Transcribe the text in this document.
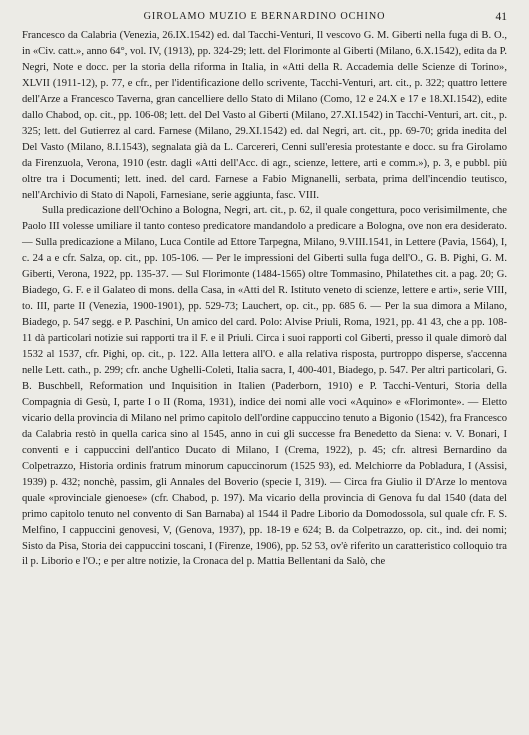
GIROLAMO MUZIO E BERNARDINO OCHINO	41

Francesco da Calabria (Venezia, 26.IX.1542) ed. dal Tacchi-Venturi, Il vescovo G. M. Giberti nella fuga di B. O., in «Civ. catt.», anno 64°, vol. IV, (1913), pp. 324-29; lett. del Florimonte al Giberti (Milano, 6.X.1542), edita da P. Negri, Note e docc. per la storia della riforma in Italia, in «Atti della R. Accademia delle Scienze di Torino», XLVII (1911-12), p. 77, e cfr., per l'identificazione dello scrivente, Tacchi-Venturi, art. cit., p. 322; quattro lettere dell'Arze a Francesco Taverna, gran cancelliere dello Stato di Milano (Como, 12 e 24.X e 17 e 18.XI.1542), edite dallo Chabod, op. cit., pp. 106-08; lett. del Del Vasto al Giberti (Milano, 27.XI.1542) in Tacchi-Venturi, art. cit., p. 325; lett. del Gutierrez al card. Farnese (Milano, 29.XI.1542) ed. dal Negri, art. cit., pp. 69-70; grida inedita del Del Vasto (Milano, 8.I.1543), segnalata già da L. Carcereri, Cenni sull'eresia protestante e docc. su fra Girolamo da Firenzuola, Verona, 1910 (estr. dagli «Atti dell'Acc. di agr., scienze, lettere, arti e comm.»), p. 3, e pubbl. più oltre tra i Documenti; lett. ined. del card. Farnese a Fabio Mignanelli, serbata, prima dell'incendio teutisco, nell'Archivio di Stato di Napoli, Farnesiane, serie aggiunta, fasc. VIII.

Sulla predicazione dell'Ochino a Bologna, Negri, art. cit., p. 62, il quale congettura, poco verisimilmente, che Paolo III volesse umiliare il tanto conteso predicatore mandandolo a predicare a Bologna, ove non era desiderato. — Sulla predicazione a Milano, Luca Contile ad Ettore Tarpegna, Milano, 9.VIII.1541, in Lettere (Pavia, 1564), I, c. 24 a e cfr. Salza, op. cit., pp. 105-106. — Per le impressioni del Giberti sulla fuga dell'O., G. B. Pighi, G. M. Giberti, Verona, 1922, pp. 135-37. — Sul Florimonte (1484-1565) oltre Tommasino, Philatethes cit. a pag. 20; G. Biadego, G. F. e il Galateo di mons. della Casa, in «Atti del R. Istituto veneto di scienze, lettere e arti», serie VIII, to. III, parte II (Venezia, 1900-1901), pp. 529-73; Lauchert, op. cit., pp. 685 6. — Per la sua dimora a Milano, Biadego, p. 547 segg. e P. Paschini, Un amico del card. Polo: Alvise Priuli, Roma, 1921, pp. 41 43, che a pp. 108-11 dà particolari notizie sui rapporti tra il F. e il Priuli. Circa i suoi rapporti col Giberti, presso il quale dimorò dal 1532 al 1537, cfr. Pighi, op. cit., p. 122. Alla lettera all'O. e alla relativa risposta, purtroppo disperse, s'accenna nelle Lett. cath., p. 299; cfr. anche Ughelli-Coleti, Italia sacra, I, 400-401, Biadego, p. 547. Per altri particolari, G. B. Buschbell, Reformation und Inquisition in Italien (Paderborn, 1910) e P. Tacchi-Venturi, Storia della Compagnia di Gesù, I, parte I o II (Roma, 1931), indice dei nomi alle voci «Aquino» e «Florimonte». — Eletto vicario della provincia di Milano nel primo capitolo dell'ordine cappuccino tenuto a Bigonio (1542), fra Francesco da Calabria restò in quella carica sino al 1545, anno in cui gli successe fra Benedetto da Siena: v. V. Bonari, I conventi e i cappuccini dell'antico Ducato di Milano, I (Crema, 1922), p. 45; cfr. altresì Bernardino da Colpetrazzo, Historia ordinis fratrum minorum capuccinorum (1525 93), ed. Melchiorre da Pobladura, I (Assisi, 1939) p. 432; nonchè, passim, gli Annales del Boverio (specie I, 319). — Circa fra Giulio il D'Arze lo mentova quale «provinciale gienoese» (cfr. Chabod, p. 197). Ma vicario della provincia di Genova fu dal 1540 (data del primo capitolo tenuto nel convento di San Barnaba) al 1544 il Padre Liborio da Domodossola, sul quale cfr. F. S. Melfino, I cappuccini genovesi, V, (Genova, 1937), pp. 18-19 e 624; B. da Colpetrazzo, op. cit., ind. dei nomi; Sisto da Pisa, Storia dei cappuccini toscani, I (Firenze, 1906), pp. 52 53, ov'è riferito un caratteristico colloquio tra il p. Liborio e l'O.; e per altre notizie, la Cronaca del p. Mattia Bellentani da Salò, che
